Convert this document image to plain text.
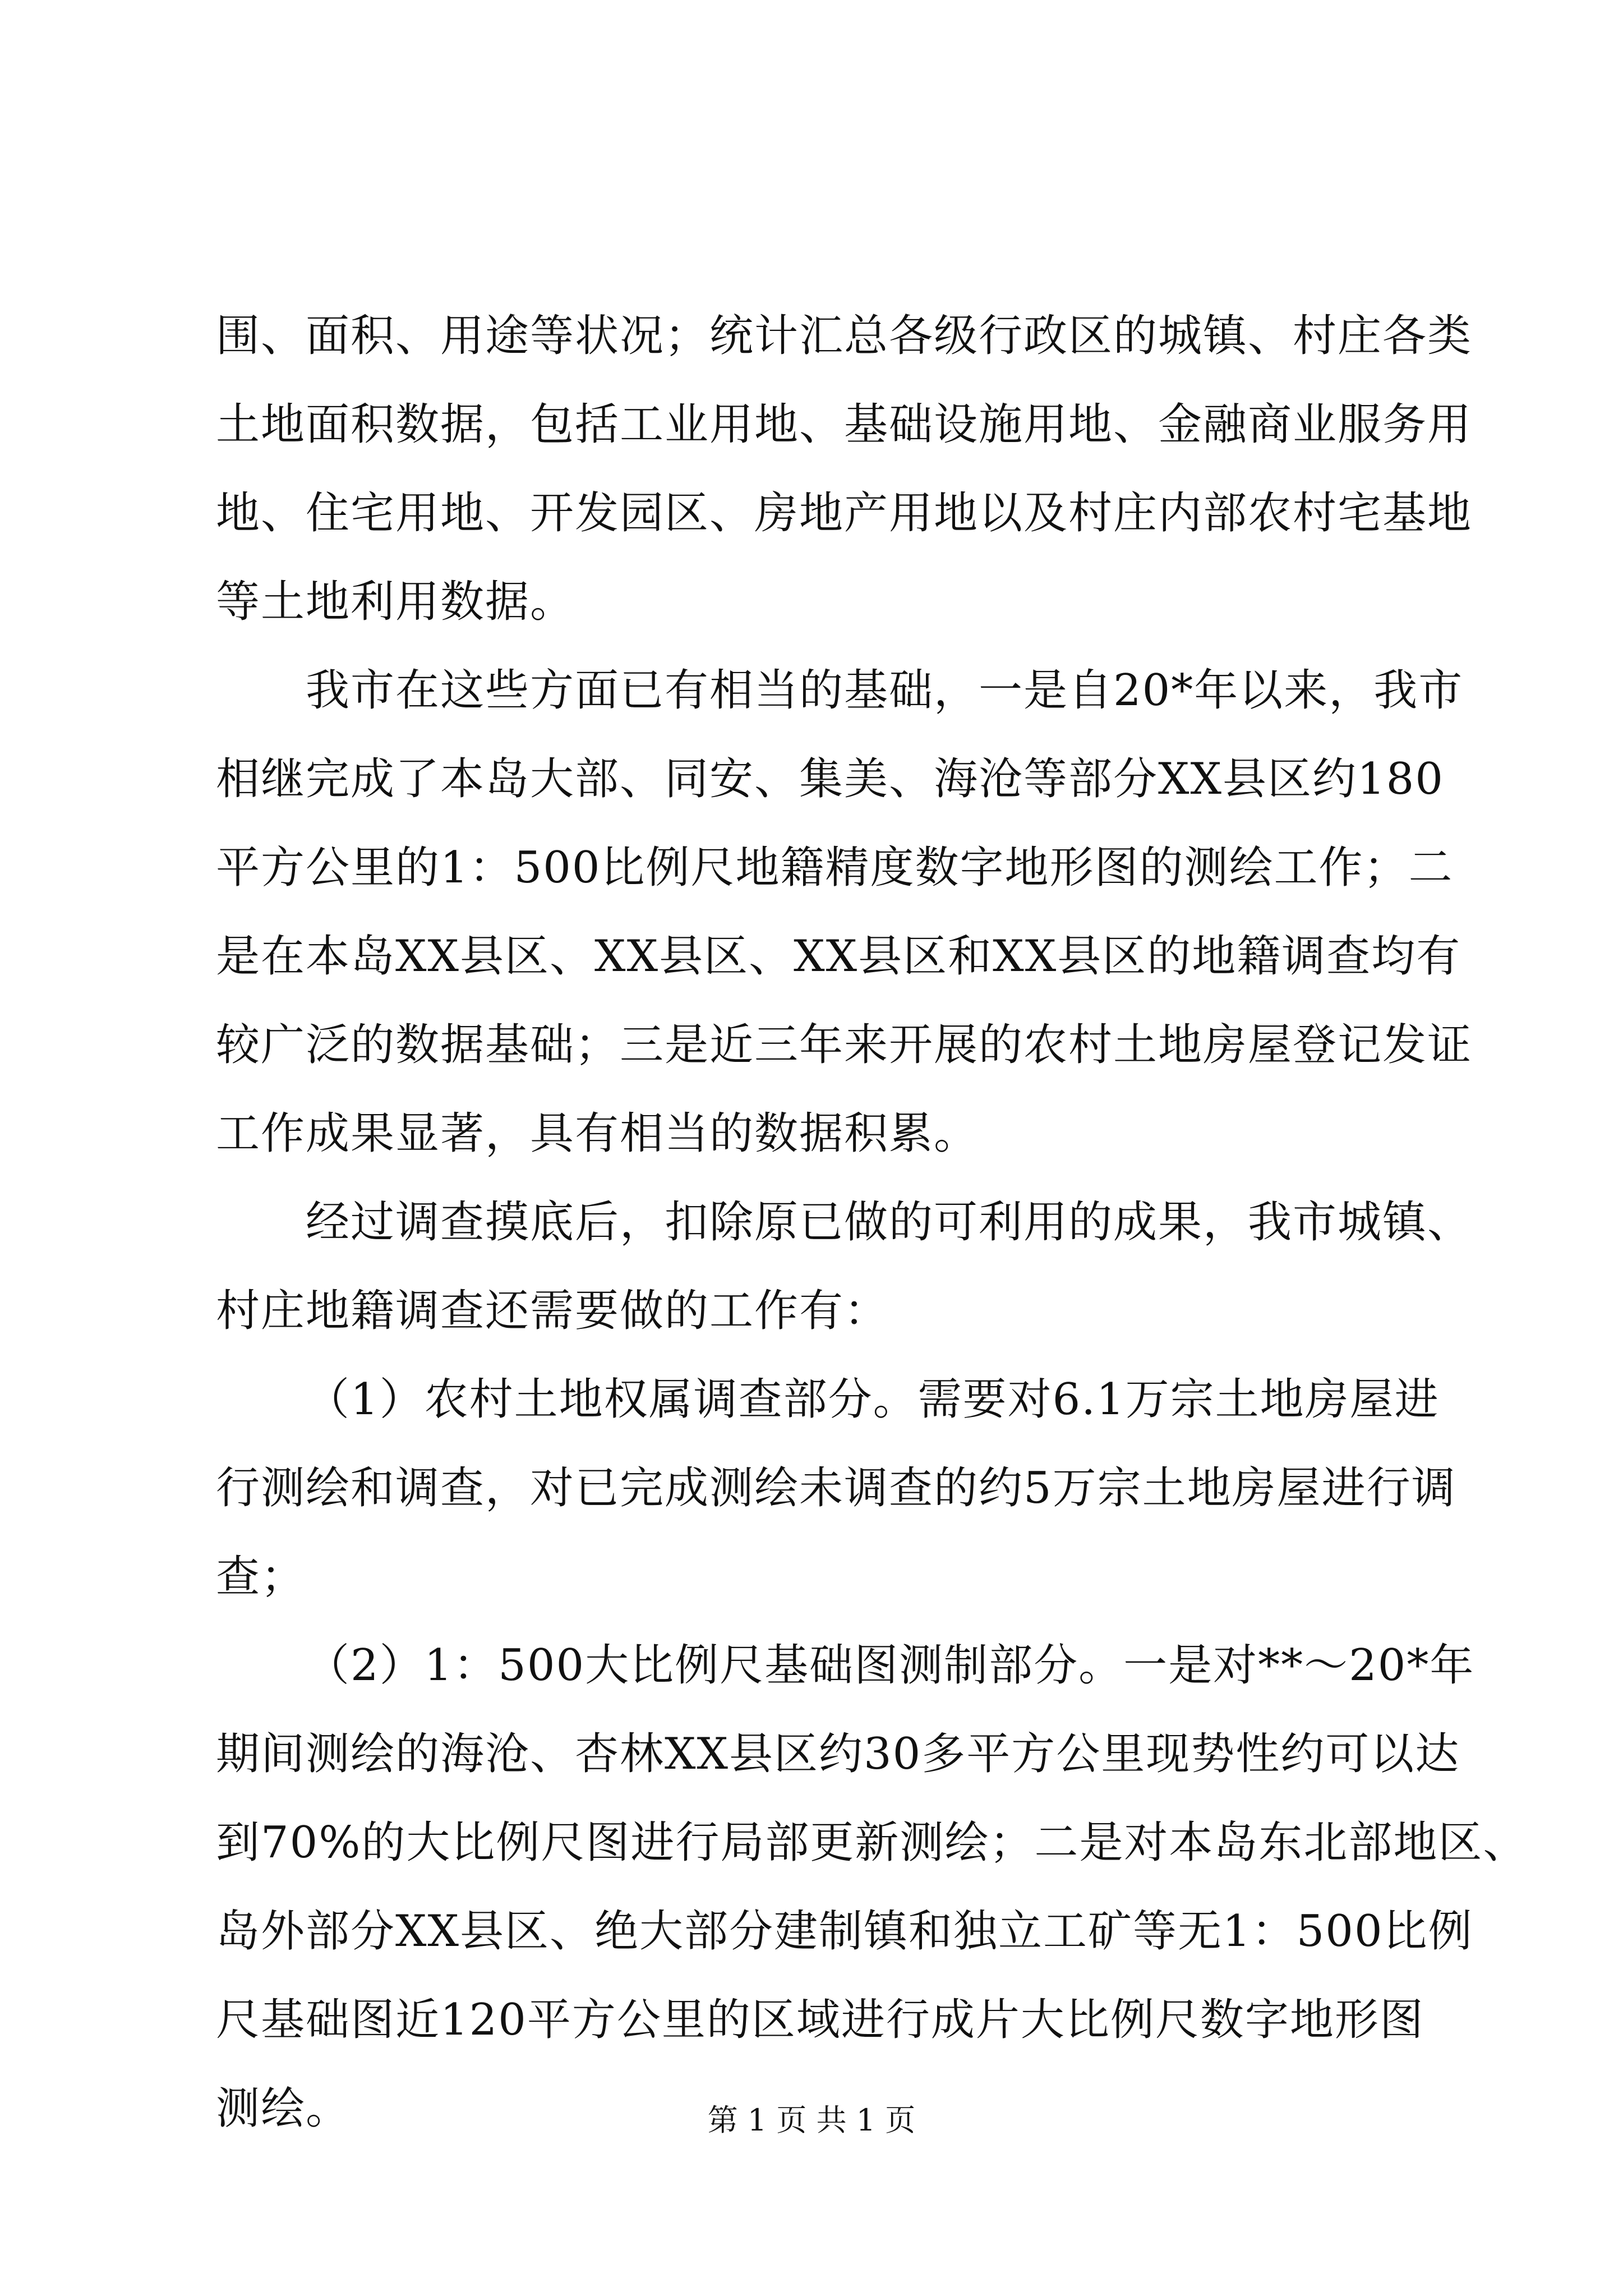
围、面积、用途等状况；统计汇总各级行政区的城镇、村庄各类
土地面积数据，包括工业用地、基础设施用地、金融商业服务用
地、住宅用地、开发园区、房地产用地以及村庄内部农村宅基地
等土地利用数据。
我市在这些方面已有相当的基础，一是自20*年以来，我市
相继完成了本岛大部、同安、集美、海沧等部分XX县区约180
平方公里的1：500比例尺地籍精度数字地形图的测绘工作；二
是在本岛XX县区、XX县区、XX县区和XX县区的地籍调查均有
较广泛的数据基础；三是近三年来开展的农村土地房屋登记发证
工作成果显著，具有相当的数据积累。
经过调查摸底后，扣除原已做的可利用的成果，我市城镇、
村庄地籍调查还需要做的工作有：
（1）农村土地权属调查部分。需要对6.1万宗土地房屋进
行测绘和调查，对已完成测绘未调查的约5万宗土地房屋进行调
查；
（2）1：500大比例尺基础图测制部分。一是对**～20*年
期间测绘的海沧、杏林XX县区约30多平方公里现势性约可以达
到70%的大比例尺图进行局部更新测绘；二是对本岛东北部地区、
岛外部分XX县区、绝大部分建制镇和独立工矿等无1：500比例
尺基础图近120平方公里的区域进行成片大比例尺数字地形图
测绘。	第 1 页 共 1 页
